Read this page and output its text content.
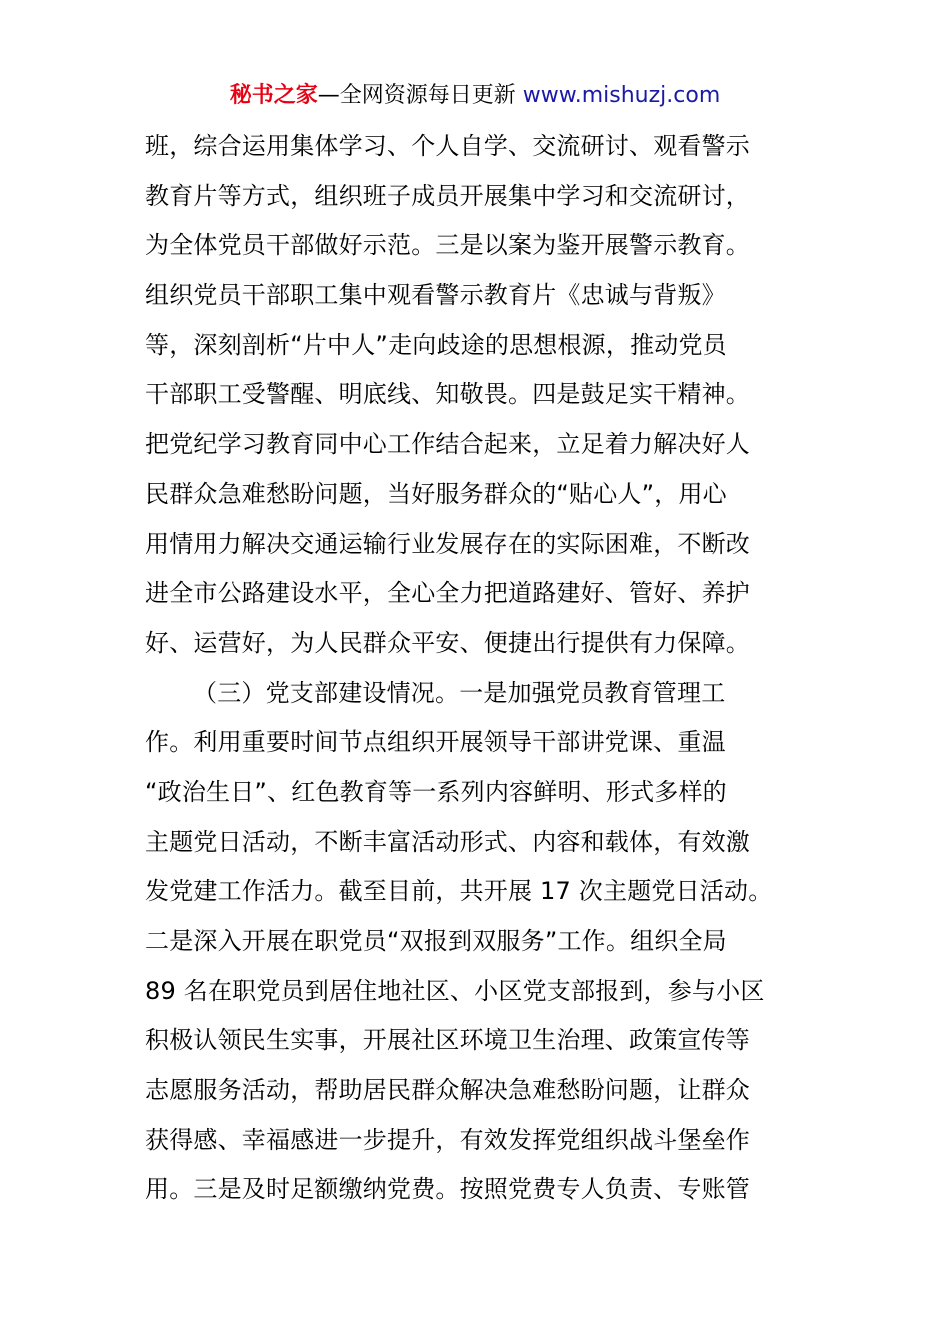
秘书之家—全网资源每日更新 www.mishuzj.com
班，综合运用集体学习、个人自学、交流研讨、观看警示
教育片等方式，组织班子成员开展集中学习和交流研讨，
为全体党员干部做好示范。三是以案为鉴开展警示教育。
组织党员干部职工集中观看警示教育片《忠诚与背叛》
等，深刻剖析“片中人”走向歧途的思想根源，推动党员
干部职工受警醒、明底线、知敬畏。四是鼓足实干精神。
把党纪学习教育同中心工作结合起来，立足着力解决好人
民群众急难愁盼问题，当好服务群众的“贴心人”，用心
用情用力解决交通运输行业发展存在的实际困难，不断改
进全市公路建设水平，全心全力把道路建好、管好、养护
好、运营好，为人民群众平安、便捷出行提供有力保障。
（三）党支部建设情况。一是加强党员教育管理工
作。利用重要时间节点组织开展领导干部讲党课、重温
“政治生日”、红色教育等一系列内容鲜明、形式多样的
主题党日活动，不断丰富活动形式、内容和载体，有效激
发党建工作活力。截至目前，共开展 17 次主题党日活动。
二是深入开展在职党员“双报到双服务”工作。组织全局
89 名在职党员到居住地社区、小区党支部报到，参与小区
积极认领民生实事，开展社区环境卫生治理、政策宣传等
志愿服务活动，帮助居民群众解决急难愁盼问题，让群众
获得感、幸福感进一步提升，有效发挥党组织战斗堡垒作
用。三是及时足额缴纳党费。按照党费专人负责、专账管
